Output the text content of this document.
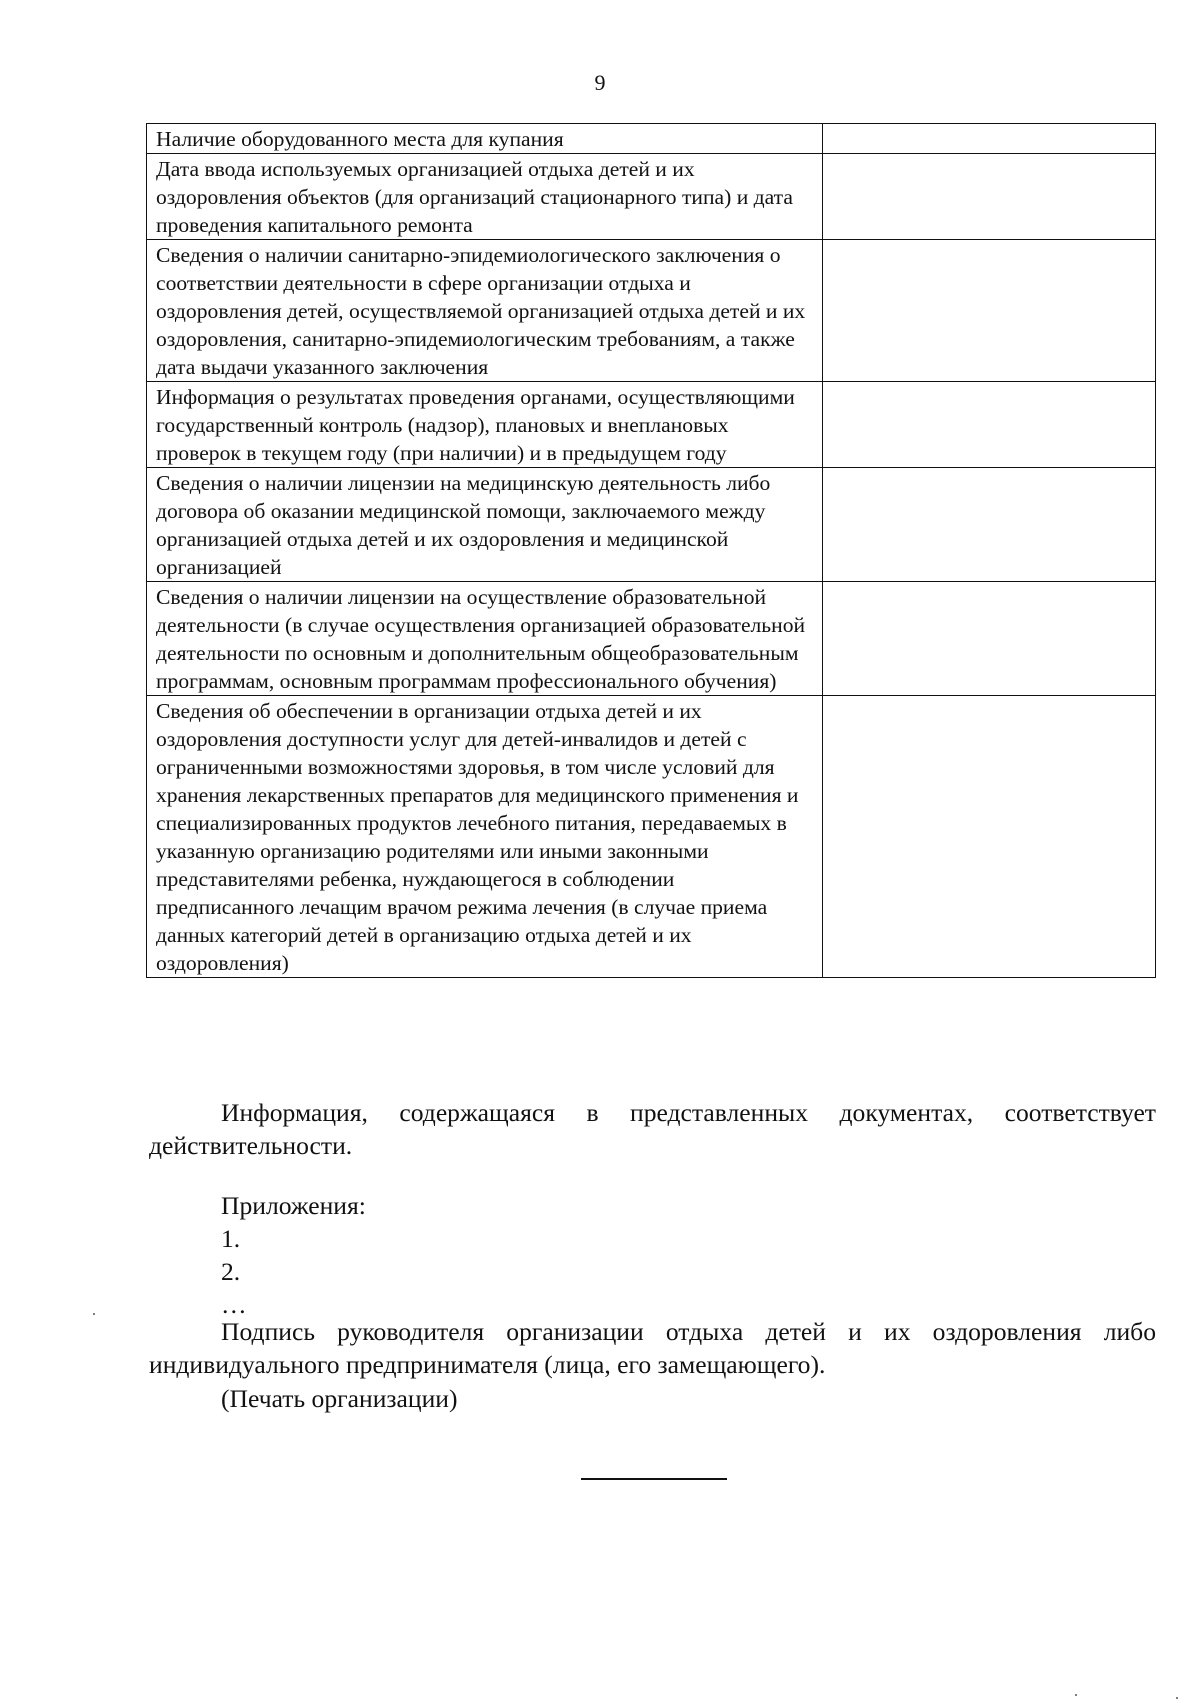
9
Наличие оборудованного места для купания	
Дата ввода используемых организацией отдыха детей и их оздоровления объектов (для организаций стационарного типа) и дата проведения капитального ремонта	
Сведения о наличии санитарно-эпидемиологического заключения о соответствии деятельности в сфере организации отдыха и оздоровления детей, осуществляемой организацией отдыха детей и их оздоровления, санитарно-эпидемиологическим требованиям, а также дата выдачи указанного заключения	
Информация о результатах проведения органами, осуществляющими государственный контроль (надзор), плановых и внеплановых проверок в текущем году (при наличии) и в предыдущем году	
Сведения о наличии лицензии на медицинскую деятельность либо договора об оказании медицинской помощи, заключаемого между организацией отдыха детей и их оздоровления и медицинской организацией	
Сведения о наличии лицензии на осуществление образовательной деятельности (в случае осуществления организацией образовательной деятельности по основным и дополнительным общеобразовательным программам, основным программам профессионального обучения)	
Сведения об обеспечении в организации отдыха детей и их оздоровления доступности услуг для детей-инвалидов и детей с ограниченными возможностями здоровья, в том числе условий для хранения лекарственных препаратов для медицинского применения и специализированных продуктов лечебного питания, передаваемых в указанную организацию родителями или иными законными представителями ребенка, нуждающегося в соблюдении предписанного лечащим врачом режима лечения (в случае приема данных категорий детей в организацию отдыха детей и их оздоровления)	

Информация, содержащаяся в представленных документах, соответствует действительности.

Приложения:
1.
2.
…

Подпись руководителя организации отдыха детей и их оздоровления либо индивидуального предпринимателя (лица, его замещающего).

(Печать организации)
